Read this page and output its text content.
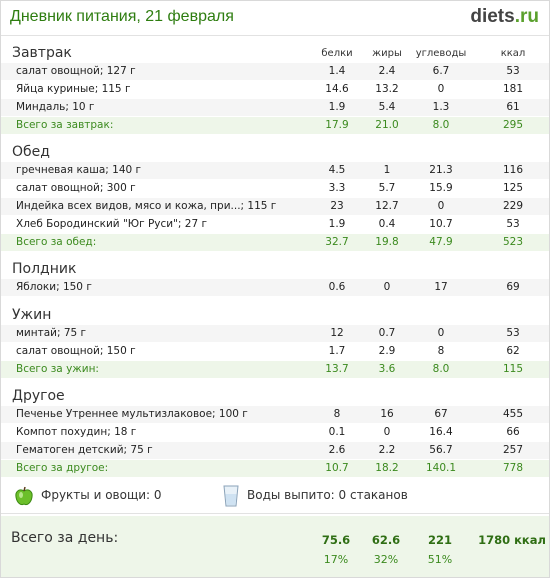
Дневник питания, 21 февраля	diets.ru
Завтрак	белки	жиры	углеводы	ккал
салат овощной; 127 г	1.4	2.4	6.7	53
Яйца куриные; 115 г	14.6	13.2	0	181
Миндаль; 10 г	1.9	5.4	1.3	61
Всего за завтрак:	17.9	21.0	8.0	295
Обед
гречневая каша; 140 г	4.5	1	21.3	116
салат овощной; 300 г	3.3	5.7	15.9	125
Индейка всех видов, мясо и кожа, при...; 115 г	23	12.7	0	229
Хлеб Бородинский "Юг Руси"; 27 г	1.9	0.4	10.7	53
Всего за обед:	32.7	19.8	47.9	523
Полдник
Яблоки; 150 г	0.6	0	17	69
Ужин
минтай; 75 г	12	0.7	0	53
салат овощной; 150 г	1.7	2.9	8	62
Всего за ужин:	13.7	3.6	8.0	115
Другое
Печенье Утреннее мультизлаковое; 100 г	8	16	67	455
Компот похудин; 18 г	0.1	0	16.4	66
Гематоген детский; 75 г	2.6	2.2	56.7	257
Всего за другое:	10.7	18.2	140.1	778
Фрукты и овощи: 0	Воды выпито: 0 стаканов
Всего за день:	75.6	62.6	221	1780 ккал
17%	32%	51%
